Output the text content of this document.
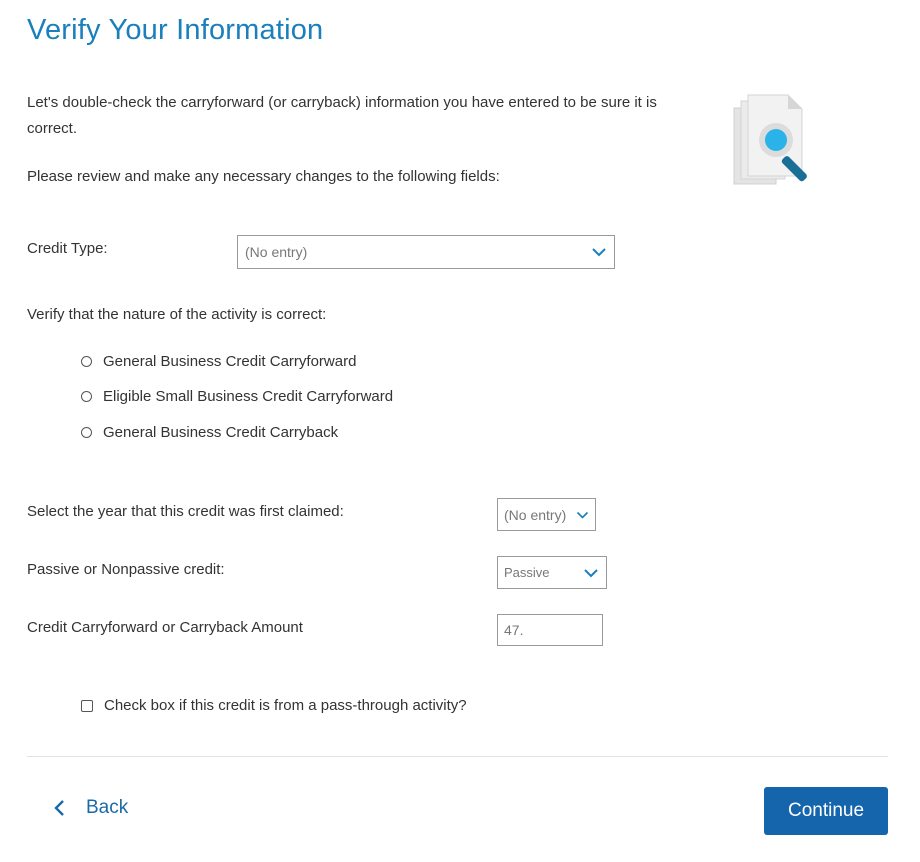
Verify Your Information
Let's double-check the carryforward (or carryback) information you have entered to be sure it is correct.
Please review and make any necessary changes to the following fields:
Credit Type:	(No entry)
Verify that the nature of the activity is correct:
General Business Credit Carryforward
Eligible Small Business Credit Carryforward
General Business Credit Carryback
Select the year that this credit was first claimed:	(No entry)
Passive or Nonpassive credit:	Passive
Credit Carryforward or Carryback Amount	47.
Check box if this credit is from a pass-through activity?
Back	Continue
